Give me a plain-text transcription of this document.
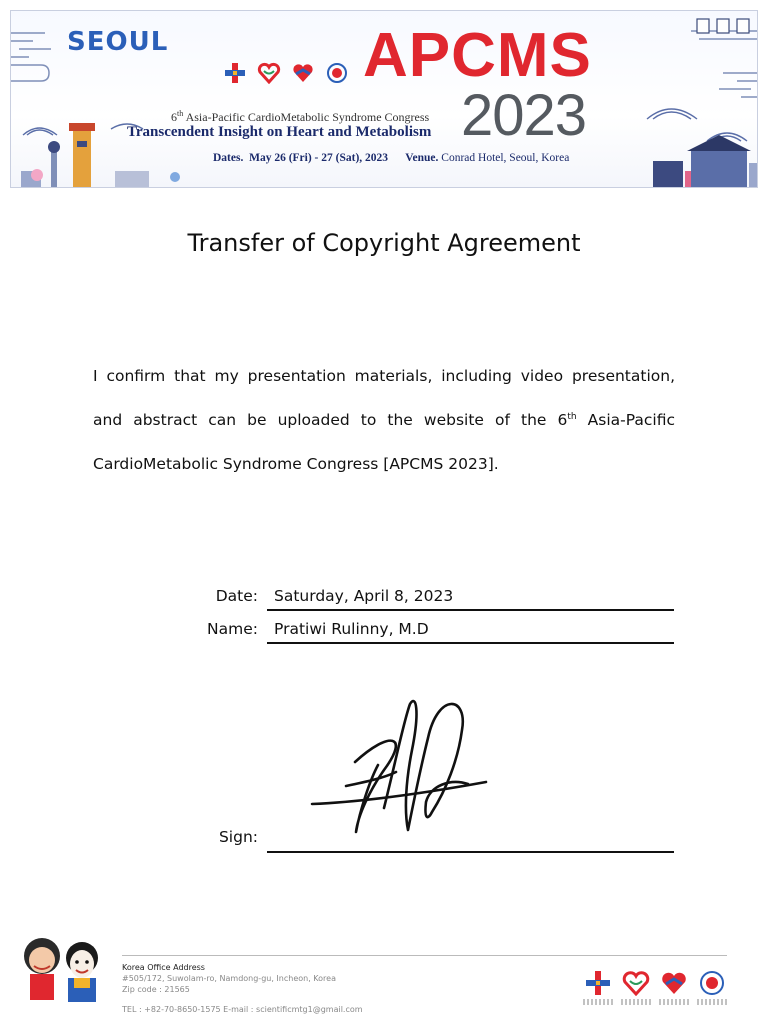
SEOUL	APCMS
2023
6th Asia-Pacific CardioMetabolic Syndrome Congress
Transcendent Insight on Heart and Metabolism
Dates. May 26 (Fri) - 27 (Sat), 2023 Venue. Conrad Hotel, Seoul, Korea
Transfer of Copyright Agreement

I confirm that my presentation materials, including video presentation, and abstract can be uploaded to the website of the 6th Asia-Pacific CardioMetabolic Syndrome Congress [APCMS 2023].

Date: Saturday, April 8, 2023
Name: Pratiwi Rulinny, M.D
Sign:
Korea Office Address
#505/172, Suwolam-ro, Namdong-gu, Incheon, Korea
Zip code : 21565
TEL : +82-70-8650-1575 E-mail : scientificmtg1@gmail.com
